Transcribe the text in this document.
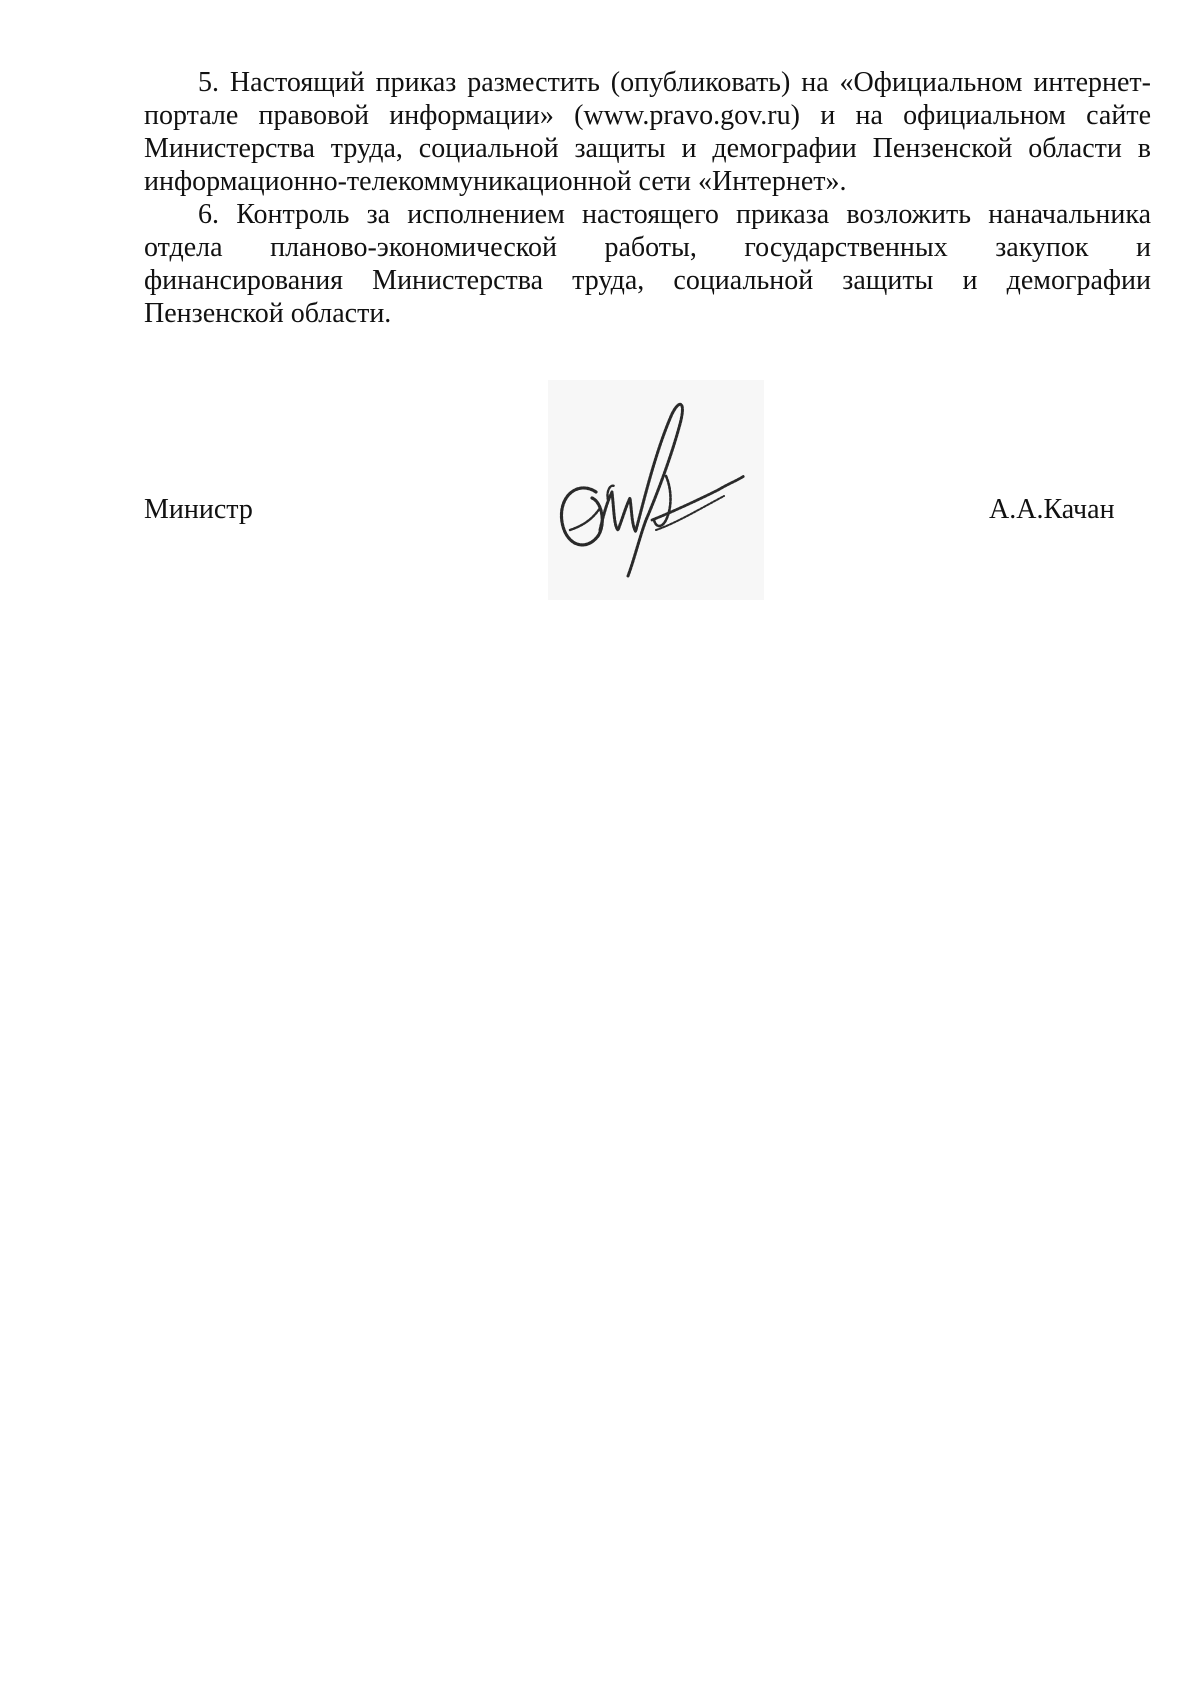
5. Настоящий приказ разместить (опубликовать) на «Официальном интернет-портале правовой информации» (www.pravo.gov.ru) и на официальном сайте Министерства труда, социальной защиты и демографии Пензенской области в информационно-телекоммуникационной сети «Интернет».

6. Контроль за исполнением настоящего приказа возложить наначальника отдела планово-экономической работы, государственных закупок и финансирования Министерства труда, социальной защиты и демографии Пензенской области.

Министр	А.А.Качан
